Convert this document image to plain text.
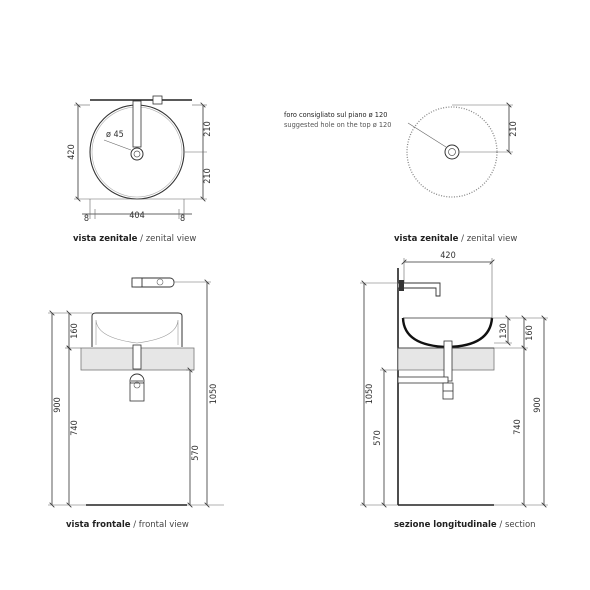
ø 45
420
210
210
8	404	8
vista zenitale / zenital view
foro consigliato sul piano ø 120
suggested hole on the top ø 120	210
vista zenitale / zenital view
160
740
900
1050
570
vista frontale / frontal view
420
1050
570
130 160
740
900
sezione longitudinale / section
